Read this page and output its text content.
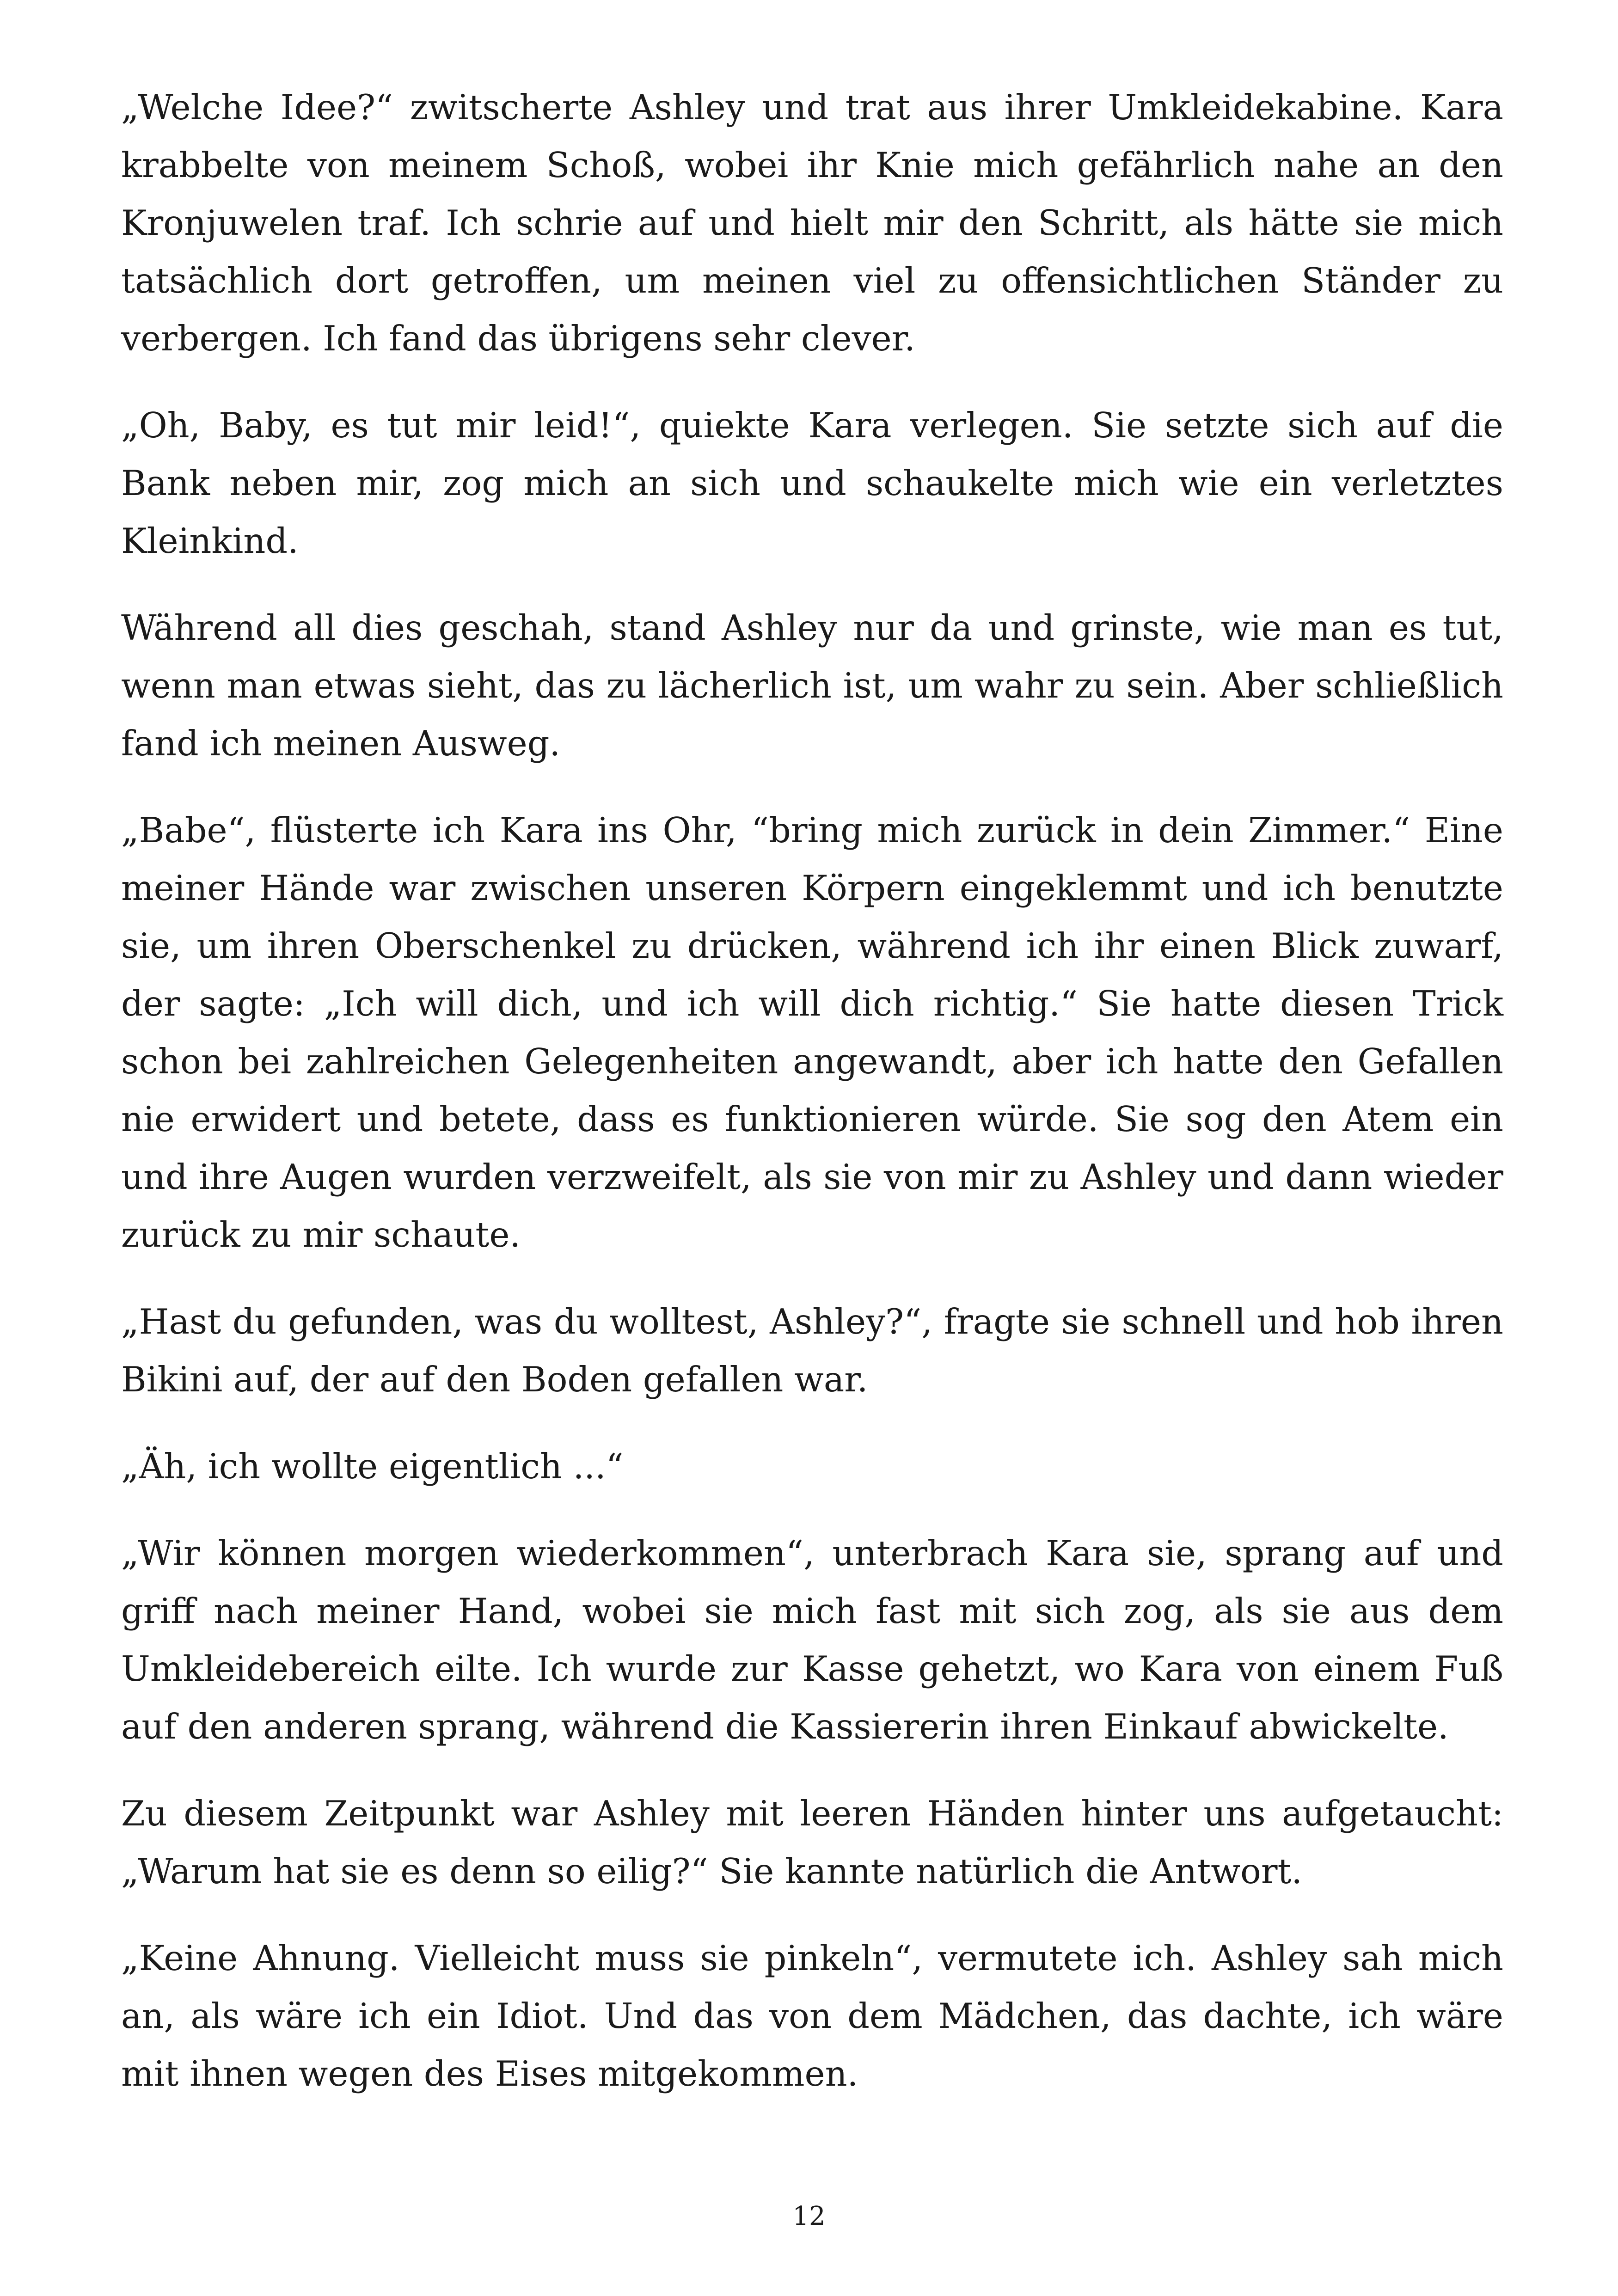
„Welche Idee?“ zwitscherte Ashley und trat aus ihrer Umkleidekabine. Kara krabbelte von meinem Schoß, wobei ihr Knie mich gefährlich nahe an den Kronjuwelen traf. Ich schrie auf und hielt mir den Schritt, als hätte sie mich tatsächlich dort getroffen, um meinen viel zu offensichtlichen Ständer zu verbergen. Ich fand das übrigens sehr clever.

„Oh, Baby, es tut mir leid!“, quiekte Kara verlegen. Sie setzte sich auf die Bank neben mir, zog mich an sich und schaukelte mich wie ein verletztes Kleinkind.

Während all dies geschah, stand Ashley nur da und grinste, wie man es tut, wenn man etwas sieht, das zu lächerlich ist, um wahr zu sein. Aber schließlich fand ich meinen Ausweg.

„Babe“, flüsterte ich Kara ins Ohr, “bring mich zurück in dein Zimmer.“ Eine meiner Hände war zwischen unseren Körpern eingeklemmt und ich benutzte sie, um ihren Oberschenkel zu drücken, während ich ihr einen Blick zuwarf, der sagte: „Ich will dich, und ich will dich richtig.“ Sie hatte diesen Trick schon bei zahlreichen Gelegenheiten angewandt, aber ich hatte den Gefallen nie erwidert und betete, dass es funktionieren würde. Sie sog den Atem ein und ihre Augen wurden verzweifelt, als sie von mir zu Ashley und dann wieder zurück zu mir schaute.

„Hast du gefunden, was du wolltest, Ashley?“, fragte sie schnell und hob ihren Bikini auf, der auf den Boden gefallen war.

„Äh, ich wollte eigentlich ...“

„Wir können morgen wiederkommen“, unterbrach Kara sie, sprang auf und griff nach meiner Hand, wobei sie mich fast mit sich zog, als sie aus dem Umkleidebereich eilte. Ich wurde zur Kasse gehetzt, wo Kara von einem Fuß auf den anderen sprang, während die Kassiererin ihren Einkauf abwickelte.

Zu diesem Zeitpunkt war Ashley mit leeren Händen hinter uns aufgetaucht: „Warum hat sie es denn so eilig?“ Sie kannte natürlich die Antwort.

„Keine Ahnung. Vielleicht muss sie pinkeln“, vermutete ich. Ashley sah mich an, als wäre ich ein Idiot. Und das von dem Mädchen, das dachte, ich wäre mit ihnen wegen des Eises mitgekommen.

12
